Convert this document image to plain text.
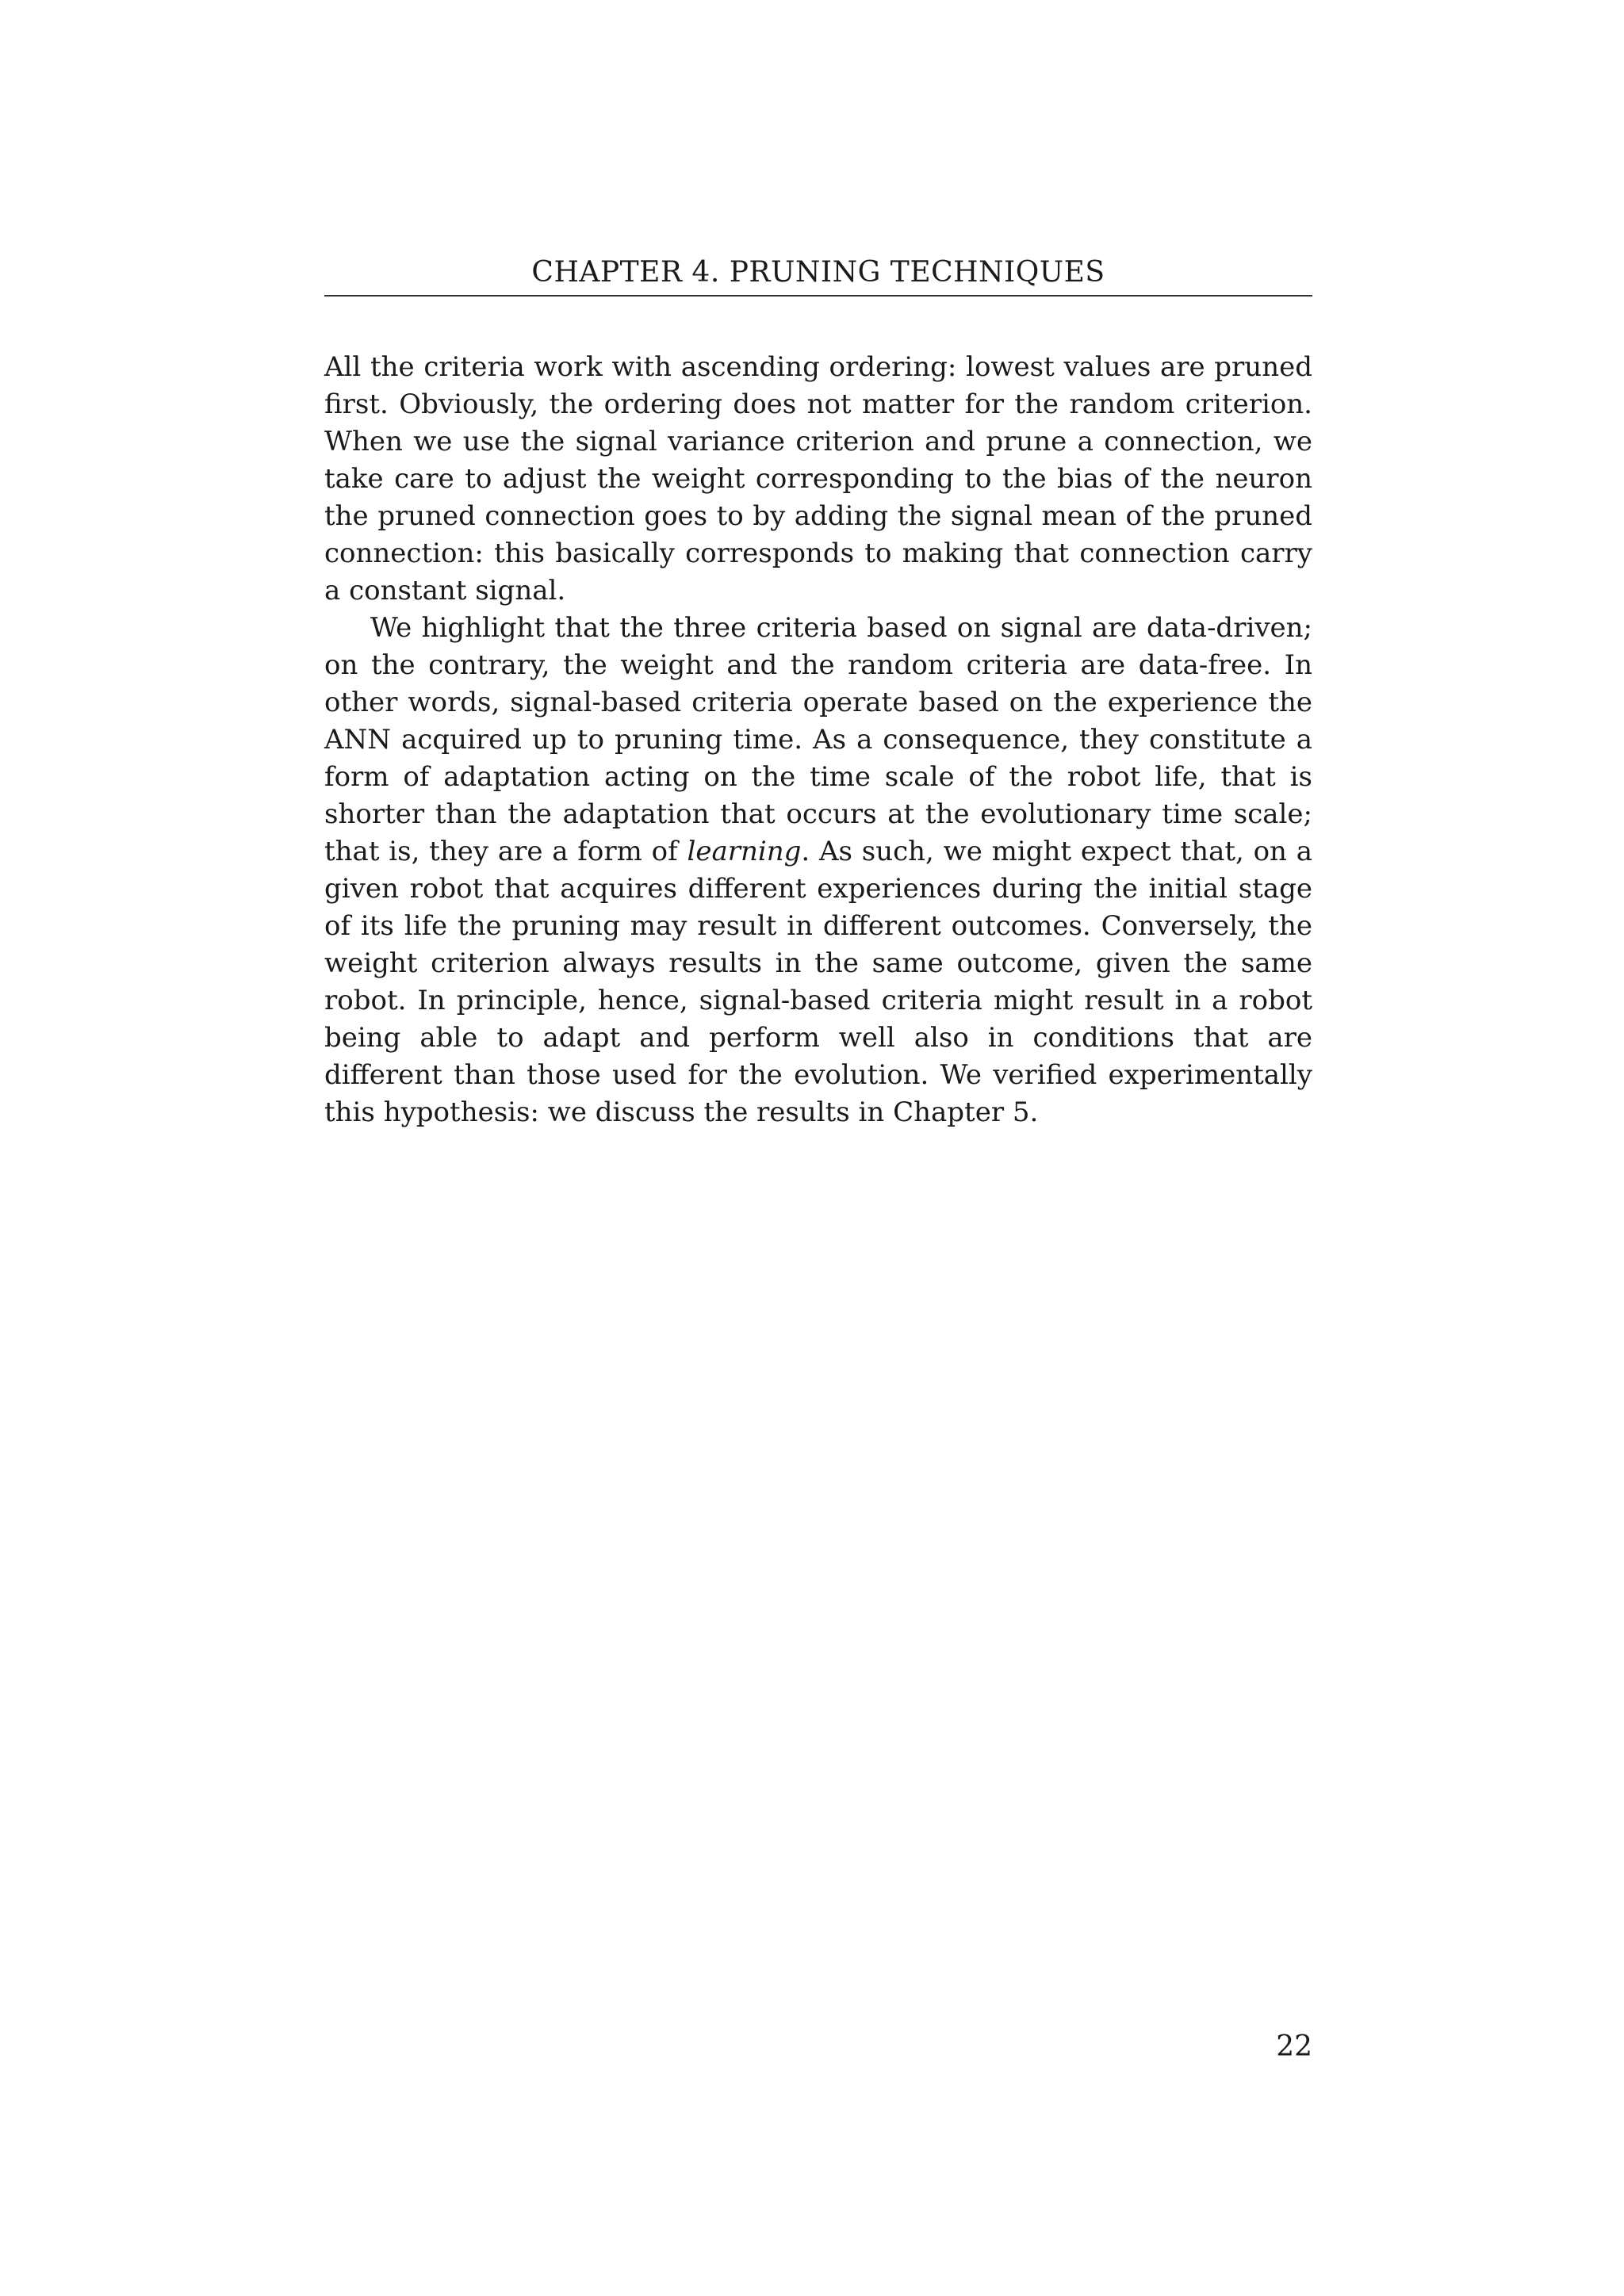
CHAPTER 4. PRUNING TECHNIQUES

All the criteria work with ascending ordering: lowest values are pruned first. Obviously, the ordering does not matter for the random criterion. When we use the signal variance criterion and prune a connection, we take care to adjust the weight corresponding to the bias of the neuron the pruned connection goes to by adding the signal mean of the pruned connection: this basically corresponds to making that connection carry a constant signal.

We highlight that the three criteria based on signal are data-driven; on the contrary, the weight and the random criteria are data-free. In other words, signal-based criteria operate based on the experience the ANN acquired up to pruning time. As a consequence, they constitute a form of adaptation acting on the time scale of the robot life, that is shorter than the adaptation that occurs at the evolutionary time scale; that is, they are a form of learning. As such, we might expect that, on a given robot that acquires different experiences during the initial stage of its life the pruning may result in different outcomes. Conversely, the weight criterion always results in the same outcome, given the same robot. In principle, hence, signal-based criteria might result in a robot being able to adapt and perform well also in conditions that are different than those used for the evolution. We verified experimentally this hypothesis: we discuss the results in Chapter 5.

22
